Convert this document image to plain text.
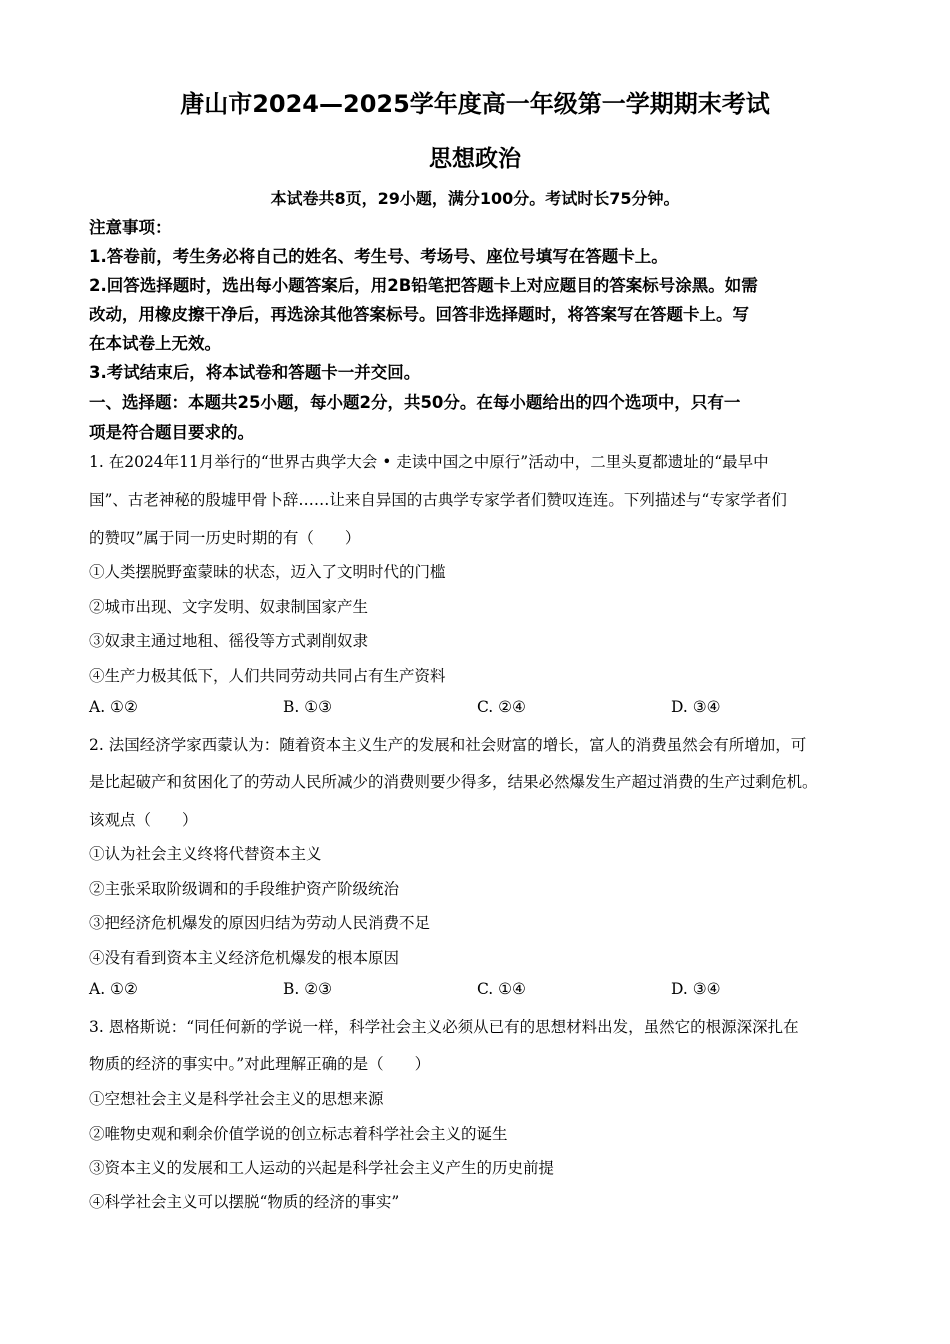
唐山市2024—2025学年度高一年级第一学期期末考试
思想政治
本试卷共8页，29小题，满分100分。考试时长75分钟。
注意事项：
1.答卷前，考生务必将自己的姓名、考生号、考场号、座位号填写在答题卡上。
2.回答选择题时，选出每小题答案后，用2B铅笔把答题卡上对应题目的答案标号涂黑。如需
改动，用橡皮擦干净后，再选涂其他答案标号。回答非选择题时，将答案写在答题卡上。写
在本试卷上无效。
3.考试结束后，将本试卷和答题卡一并交回。
一、选择题：本题共25小题，每小题2分，共50分。在每小题给出的四个选项中，只有一
项是符合题目要求的。
1. 在2024年11月举行的“世界古典学大会 • 走读中国之中原行”活动中，二里头夏都遗址的“最早中
国”、古老神秘的殷墟甲骨卜辞……让来自异国的古典学专家学者们赞叹连连。下列描述与“专家学者们
的赞叹”属于同一历史时期的有（　　）
①人类摆脱野蛮蒙昧的状态，迈入了文明时代的门槛
②城市出现、文字发明、奴隶制国家产生
③奴隶主通过地租、徭役等方式剥削奴隶
④生产力极其低下，人们共同劳动共同占有生产资料
A. ①②	B. ①③	C. ②④	D. ③④
2. 法国经济学家西蒙认为：随着资本主义生产的发展和社会财富的增长，富人的消费虽然会有所增加，可
是比起破产和贫困化了的劳动人民所减少的消费则要少得多，结果必然爆发生产超过消费的生产过剩危机。
该观点（　　）
①认为社会主义终将代替资本主义
②主张采取阶级调和的手段维护资产阶级统治
③把经济危机爆发的原因归结为劳动人民消费不足
④没有看到资本主义经济危机爆发的根本原因
A. ①②	B. ②③	C. ①④	D. ③④
3. 恩格斯说：“同任何新的学说一样，科学社会主义必须从已有的思想材料出发，虽然它的根源深深扎在
物质的经济的事实中。”对此理解正确的是（　　）
①空想社会主义是科学社会主义的思想来源
②唯物史观和剩余价值学说的创立标志着科学社会主义的诞生
③资本主义的发展和工人运动的兴起是科学社会主义产生的历史前提
④科学社会主义可以摆脱“物质的经济的事实”
